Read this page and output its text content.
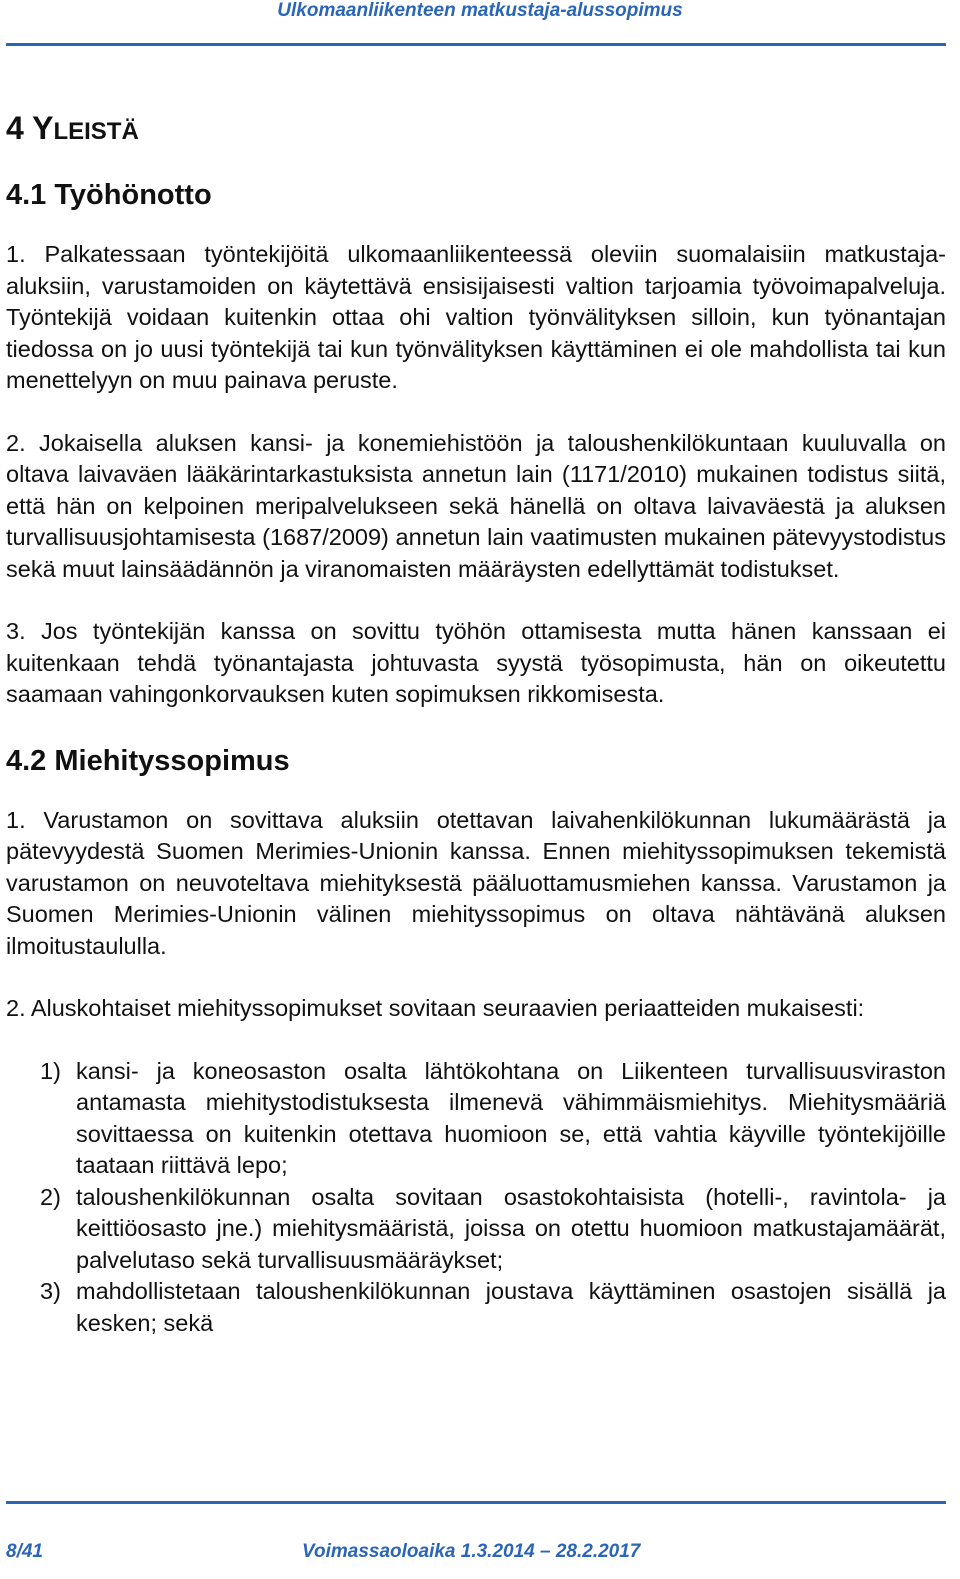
Ulkomaanliikenteen matkustaja-alussopimus
4 YLEISTÄ
4.1 Työhönotto

1. Palkatessaan työntekijöitä ulkomaanliikenteessä oleviin suomalaisiin matkustaja-aluksiin, varustamoiden on käytettävä ensisijaisesti valtion tarjoamia työvoimapalveluja. Työntekijä voidaan kuitenkin ottaa ohi valtion työnvälityksen silloin, kun työnantajan tiedossa on jo uusi työntekijä tai kun työnvälityksen käyttäminen ei ole mahdollista tai kun menettelyyn on muu painava peruste.

2. Jokaisella aluksen kansi- ja konemiehistöön ja taloushenkilökuntaan kuuluvalla on oltava laivaväen lääkärintarkastuksista annetun lain (1171/2010) mukainen todistus siitä, että hän on kelpoinen meripalvelukseen sekä hänellä on oltava laivaväestä ja aluksen turvallisuusjohtamisesta (1687/2009) annetun lain vaatimusten mukainen pätevyystodistus sekä muut lainsäädännön ja viranomaisten määräysten edellyttämät todistukset.

3. Jos työntekijän kanssa on sovittu työhön ottamisesta mutta hänen kanssaan ei kuitenkaan tehdä työnantajasta johtuvasta syystä työsopimusta, hän on oikeutettu saamaan vahingonkorvauksen kuten sopimuksen rikkomisesta.

4.2 Miehityssopimus

1. Varustamon on sovittava aluksiin otettavan laivahenkilökunnan lukumäärästä ja pätevyydestä Suomen Merimies-Unionin kanssa. Ennen miehityssopimuksen tekemistä varustamon on neuvoteltava miehityksestä pääluottamusmiehen kanssa. Varustamon ja Suomen Merimies-Unionin välinen miehityssopimus on oltava nähtävänä aluksen ilmoitustaululla.

2. Aluskohtaiset miehityssopimukset sovitaan seuraavien periaatteiden mukaisesti:

1) kansi- ja koneosaston osalta lähtökohtana on Liikenteen turvallisuusviraston antamasta miehitystodistuksesta ilmenevä vähimmäismiehitys. Miehitysmääriä sovittaessa on kuitenkin otettava huomioon se, että vahtia käyville työntekijöille taataan riittävä lepo;
2) taloushenkilökunnan osalta sovitaan osastokohtaisista (hotelli-, ravintola- ja keittiöosasto jne.) miehitysmääristä, joissa on otettu huomioon matkustajamäärät, palvelutaso sekä turvallisuusmääräykset;
3) mahdollistetaan taloushenkilökunnan joustava käyttäminen osastojen sisällä ja kesken; sekä
8/41	Voimassaoloaika 1.3.2014 – 28.2.2017
